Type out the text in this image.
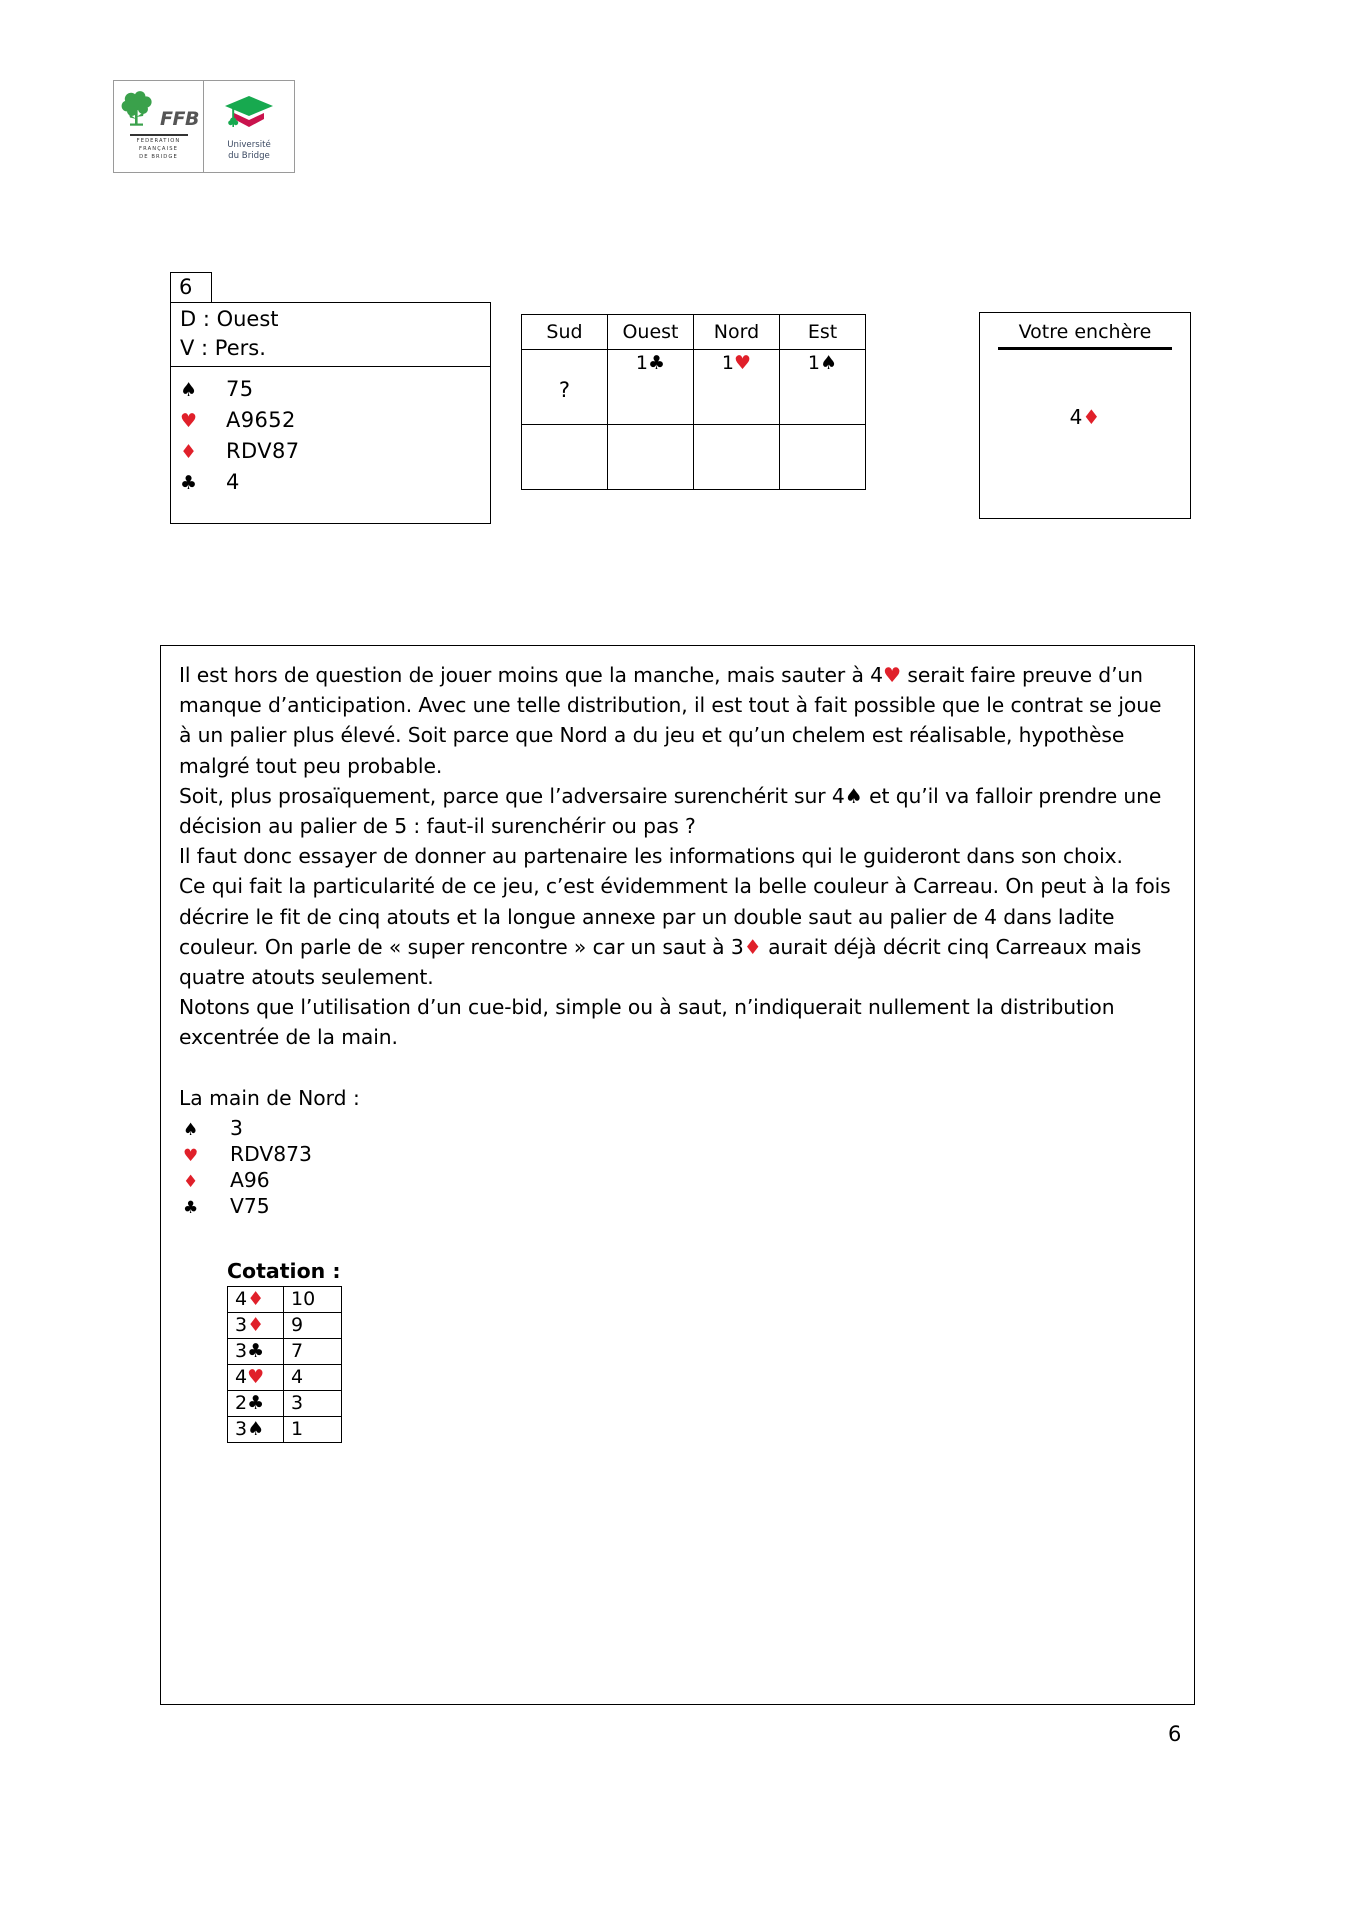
FFB
FEDERATION
FRANÇAISE
DE BRIDGE
Université
du Bridge
6
D : Ouest
V : Pers.
♠	75
♥	A9652
♦	RDV87
♣	4
Sud	Ouest	Nord	Est

?	1♣	1♥	1♠

Votre enchère
4♦

Il est hors de question de jouer moins que la manche, mais sauter à 4♥ serait faire preuve d’un manque d’anticipation. Avec une telle distribution, il est tout à fait possible que le contrat se joue à un palier plus élevé. Soit parce que Nord a du jeu et qu’un chelem est réalisable, hypothèse malgré tout peu probable.

Soit, plus prosaïquement, parce que l’adversaire surenchérit sur 4♠ et qu’il va falloir prendre une décision au palier de 5 : faut-il surenchérir ou pas ?

Il faut donc essayer de donner au partenaire les informations qui le guideront dans son choix.

Ce qui fait la particularité de ce jeu, c’est évidemment la belle couleur à Carreau. On peut à la fois décrire le fit de cinq atouts et la longue annexe par un double saut au palier de 4 dans ladite couleur. On parle de « super rencontre » car un saut à 3♦ aurait déjà décrit cinq Carreaux mais quatre atouts seulement.

Notons que l’utilisation d’un cue-bid, simple ou à saut, n’indiquerait nullement la distribution excentrée de la main.

La main de Nord :
♠	3
♥	RDV873
♦	A96
♣	V75
Cotation :
4♦	10
3♦	9
3♣	7
4♥	4
2♣	3
3♠	1
6
